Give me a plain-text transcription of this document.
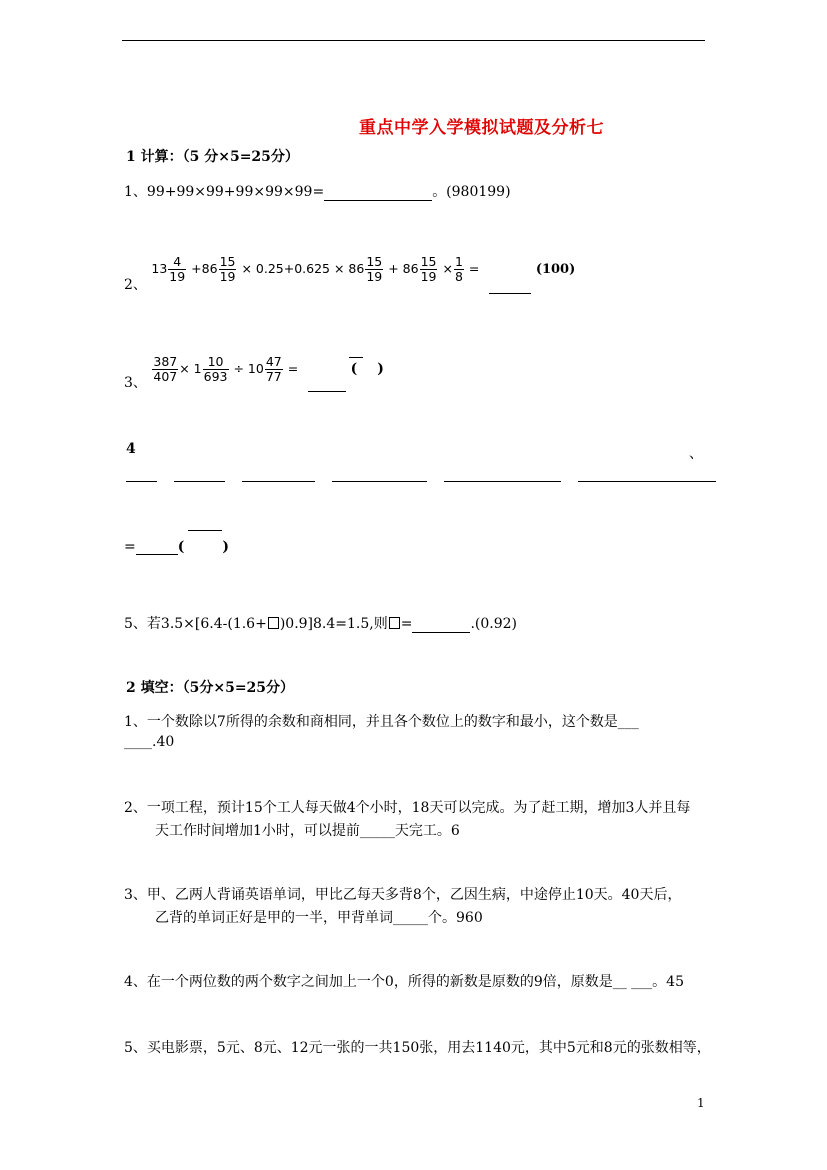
重点中学入学模拟试题及分析七
1 计算：（5 分×5=25分）
1、99+99×99+99×99×99=	。(980199)
2、 $13 \frac{4}{19} +86 \frac{15}{19} \times 0.25+0.625 \times 86 \frac{15}{19} + 86 \frac{15}{19} \times \frac{1}{8}$ =	(100)
3、 $\frac{387}{407} \times 1 \frac{10}{693} \div 10 \frac{47}{77}$ =	( )
4	、
=	(	)
5、若3.5×[6.4-(1.6+ )0.9]8.4=1.5,则 =	.(0.92)
2 填空：（5分×5=25分）
1、一个数除以7所得的余数和商相同，并且各个数位上的数字和最小，这个数是___
____.40
2、一项工程，预计15个工人每天做4个小时，18天可以完成。为了赶工期，增加3人并且每
天工作时间增加1小时，可以提前_____天完工。6
3、甲、乙两人背诵英语单词，甲比乙每天多背8个，乙因生病，中途停止10天。40天后，
乙背的单词正好是甲的一半，甲背单词_____个。960
4、在一个两位数的两个数字之间加上一个0，所得的新数是原数的9倍，原数是__ ___。45
5、买电影票，5元、8元、12元一张的一共150张，用去1140元，其中5元和8元的张数相等，
1
